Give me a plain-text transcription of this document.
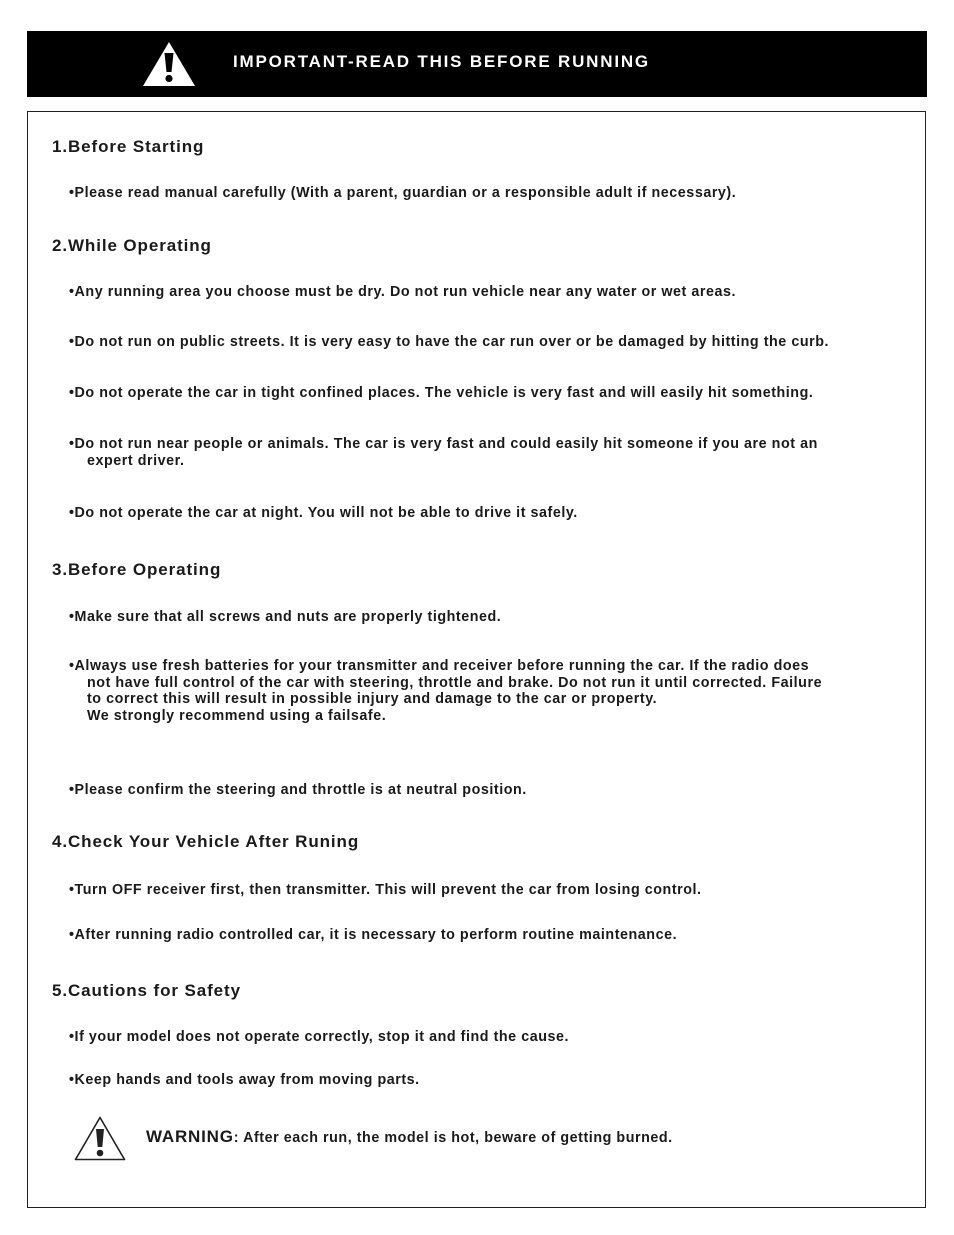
IMPORTANT-READ THIS BEFORE RUNNING
1.Before Starting
•Please read manual carefully (With a parent, guardian or a responsible adult if necessary).
2.While Operating
•Any running area you choose must be dry. Do not run vehicle near any water or wet areas.
•Do not run on public streets. It is very easy to have the car run over or be damaged by hitting the curb.
•Do not operate the car in tight confined places. The vehicle is very fast and will easily hit something.
•Do not run near people or animals. The car is very fast and could easily hit someone if you are not an
expert driver.
•Do not operate the car at night. You will not be able to drive it safely.
3.Before Operating
•Make sure that all screws and nuts are properly tightened.
•Always use fresh batteries for your transmitter and receiver before running the car. If the radio does
not have full control of the car with steering, throttle and brake. Do not run it until corrected. Failure
to correct this will result in possible injury and damage to the car or property.
We strongly recommend using a failsafe.
•Please confirm the steering and throttle is at neutral position.
4.Check Your Vehicle After Runing
•Turn OFF receiver first, then transmitter. This will prevent the car from losing control.
•After running radio controlled car, it is necessary to perform routine maintenance.
5.Cautions for Safety
•If your model does not operate correctly, stop it and find the cause.
•Keep hands and tools away from moving parts.
WARNING: After each run, the model is hot, beware of getting burned.
